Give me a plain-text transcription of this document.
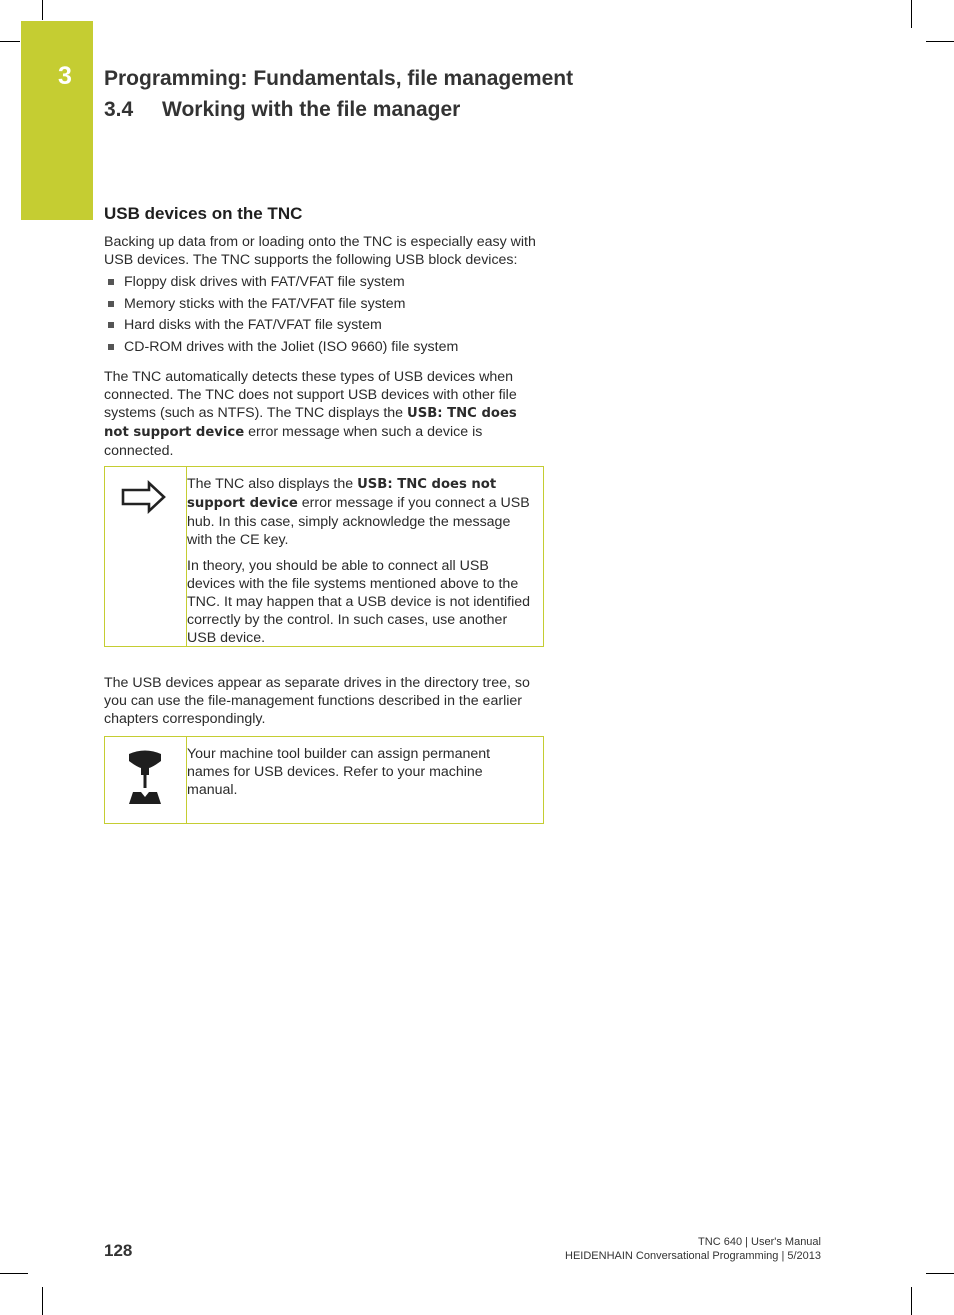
3 Programming: Fundamentals, file management
3.4 Working with the file manager
USB devices on the TNC

Backing up data from or loading onto the TNC is especially easy with USB devices. The TNC supports the following USB block devices:

Floppy disk drives with FAT/VFAT file system
Memory sticks with the FAT/VFAT file system
Hard disks with the FAT/VFAT file system
CD-ROM drives with the Joliet (ISO 9660) file system

The TNC automatically detects these types of USB devices when connected. The TNC does not support USB devices with other file systems (such as NTFS). The TNC displays the USB: TNC does not support device error message when such a device is connected.

The TNC also displays the USB: TNC does not support device error message if you connect a USB hub. In this case, simply acknowledge the message with the CE key.

In theory, you should be able to connect all USB devices with the file systems mentioned above to the TNC. It may happen that a USB device is not identified correctly by the control. In such cases, use another USB device.

The USB devices appear as separate drives in the directory tree, so you can use the file-management functions described in the earlier chapters correspondingly.

Your machine tool builder can assign permanent names for USB devices. Refer to your machine manual.

128	TNC 640 | User's Manual
HEIDENHAIN Conversational Programming | 5/2013
